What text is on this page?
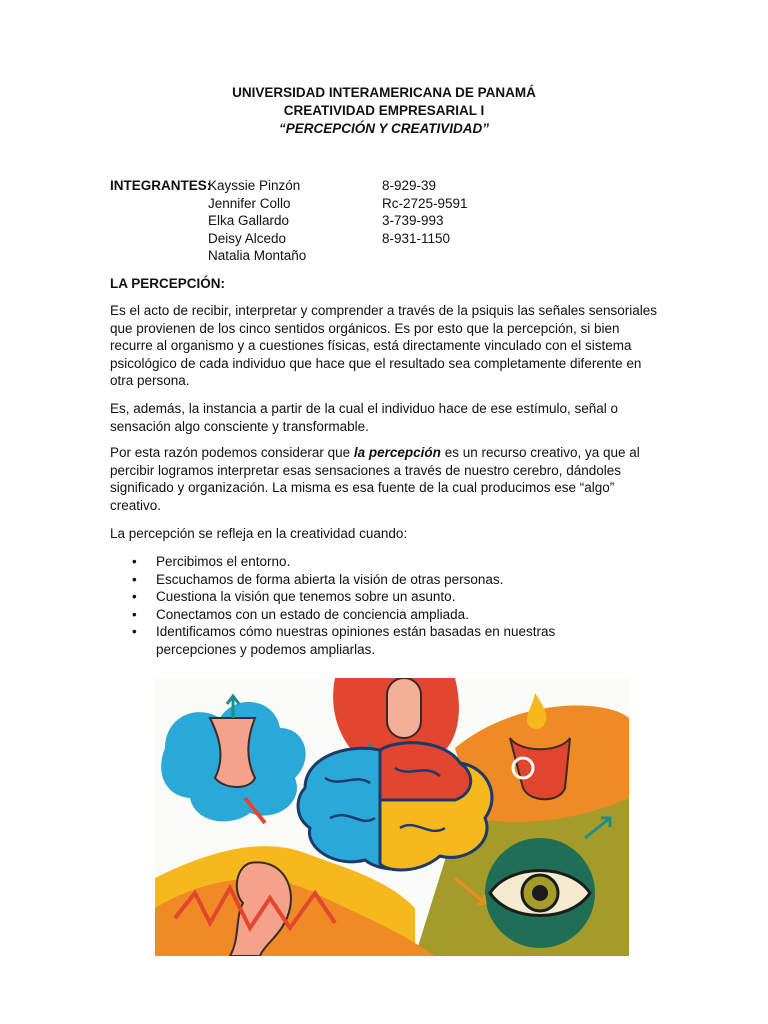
UNIVERSIDAD INTERAMERICANA DE PANAMÁ
CREATIVIDAD EMPRESARIAL I
“PERCEPCIÓN Y CREATIVIDAD”
INTEGRANTES:
Kayssie Pinzón	8-929-39
Jennifer Collo	Rc-2725-9591
Elka Gallardo	3-739-993
Deisy Alcedo	8-931-1150
Natalia Montaño
LA PERCEPCIÓN:
Es el acto de recibir, interpretar y comprender a través de la psiquis las señales sensoriales que provienen de los cinco sentidos orgánicos. Es por esto que la percepción, si bien recurre al organismo y a cuestiones físicas, está directamente vinculado con el sistema psicológico de cada individuo que hace que el resultado sea completamente diferente en otra persona.
Es, además, la instancia a partir de la cual el individuo hace de ese estímulo, señal o sensación algo consciente y transformable.
Por esta razón podemos considerar que la percepción es un recurso creativo, ya que al percibir logramos interpretar esas sensaciones a través de nuestro cerebro, dándoles significado y organización. La misma es esa fuente de la cual producimos ese “algo” creativo.
La percepción se refleja en la creatividad cuando:
• Percibimos el entorno.
• Escuchamos de forma abierta la visión de otras personas.
• Cuestiona la visión que tenemos sobre un asunto.
• Conectamos con un estado de conciencia ampliada.
• Identificamos cómo nuestras opiniones están basadas en nuestras percepciones y podemos ampliarlas.
